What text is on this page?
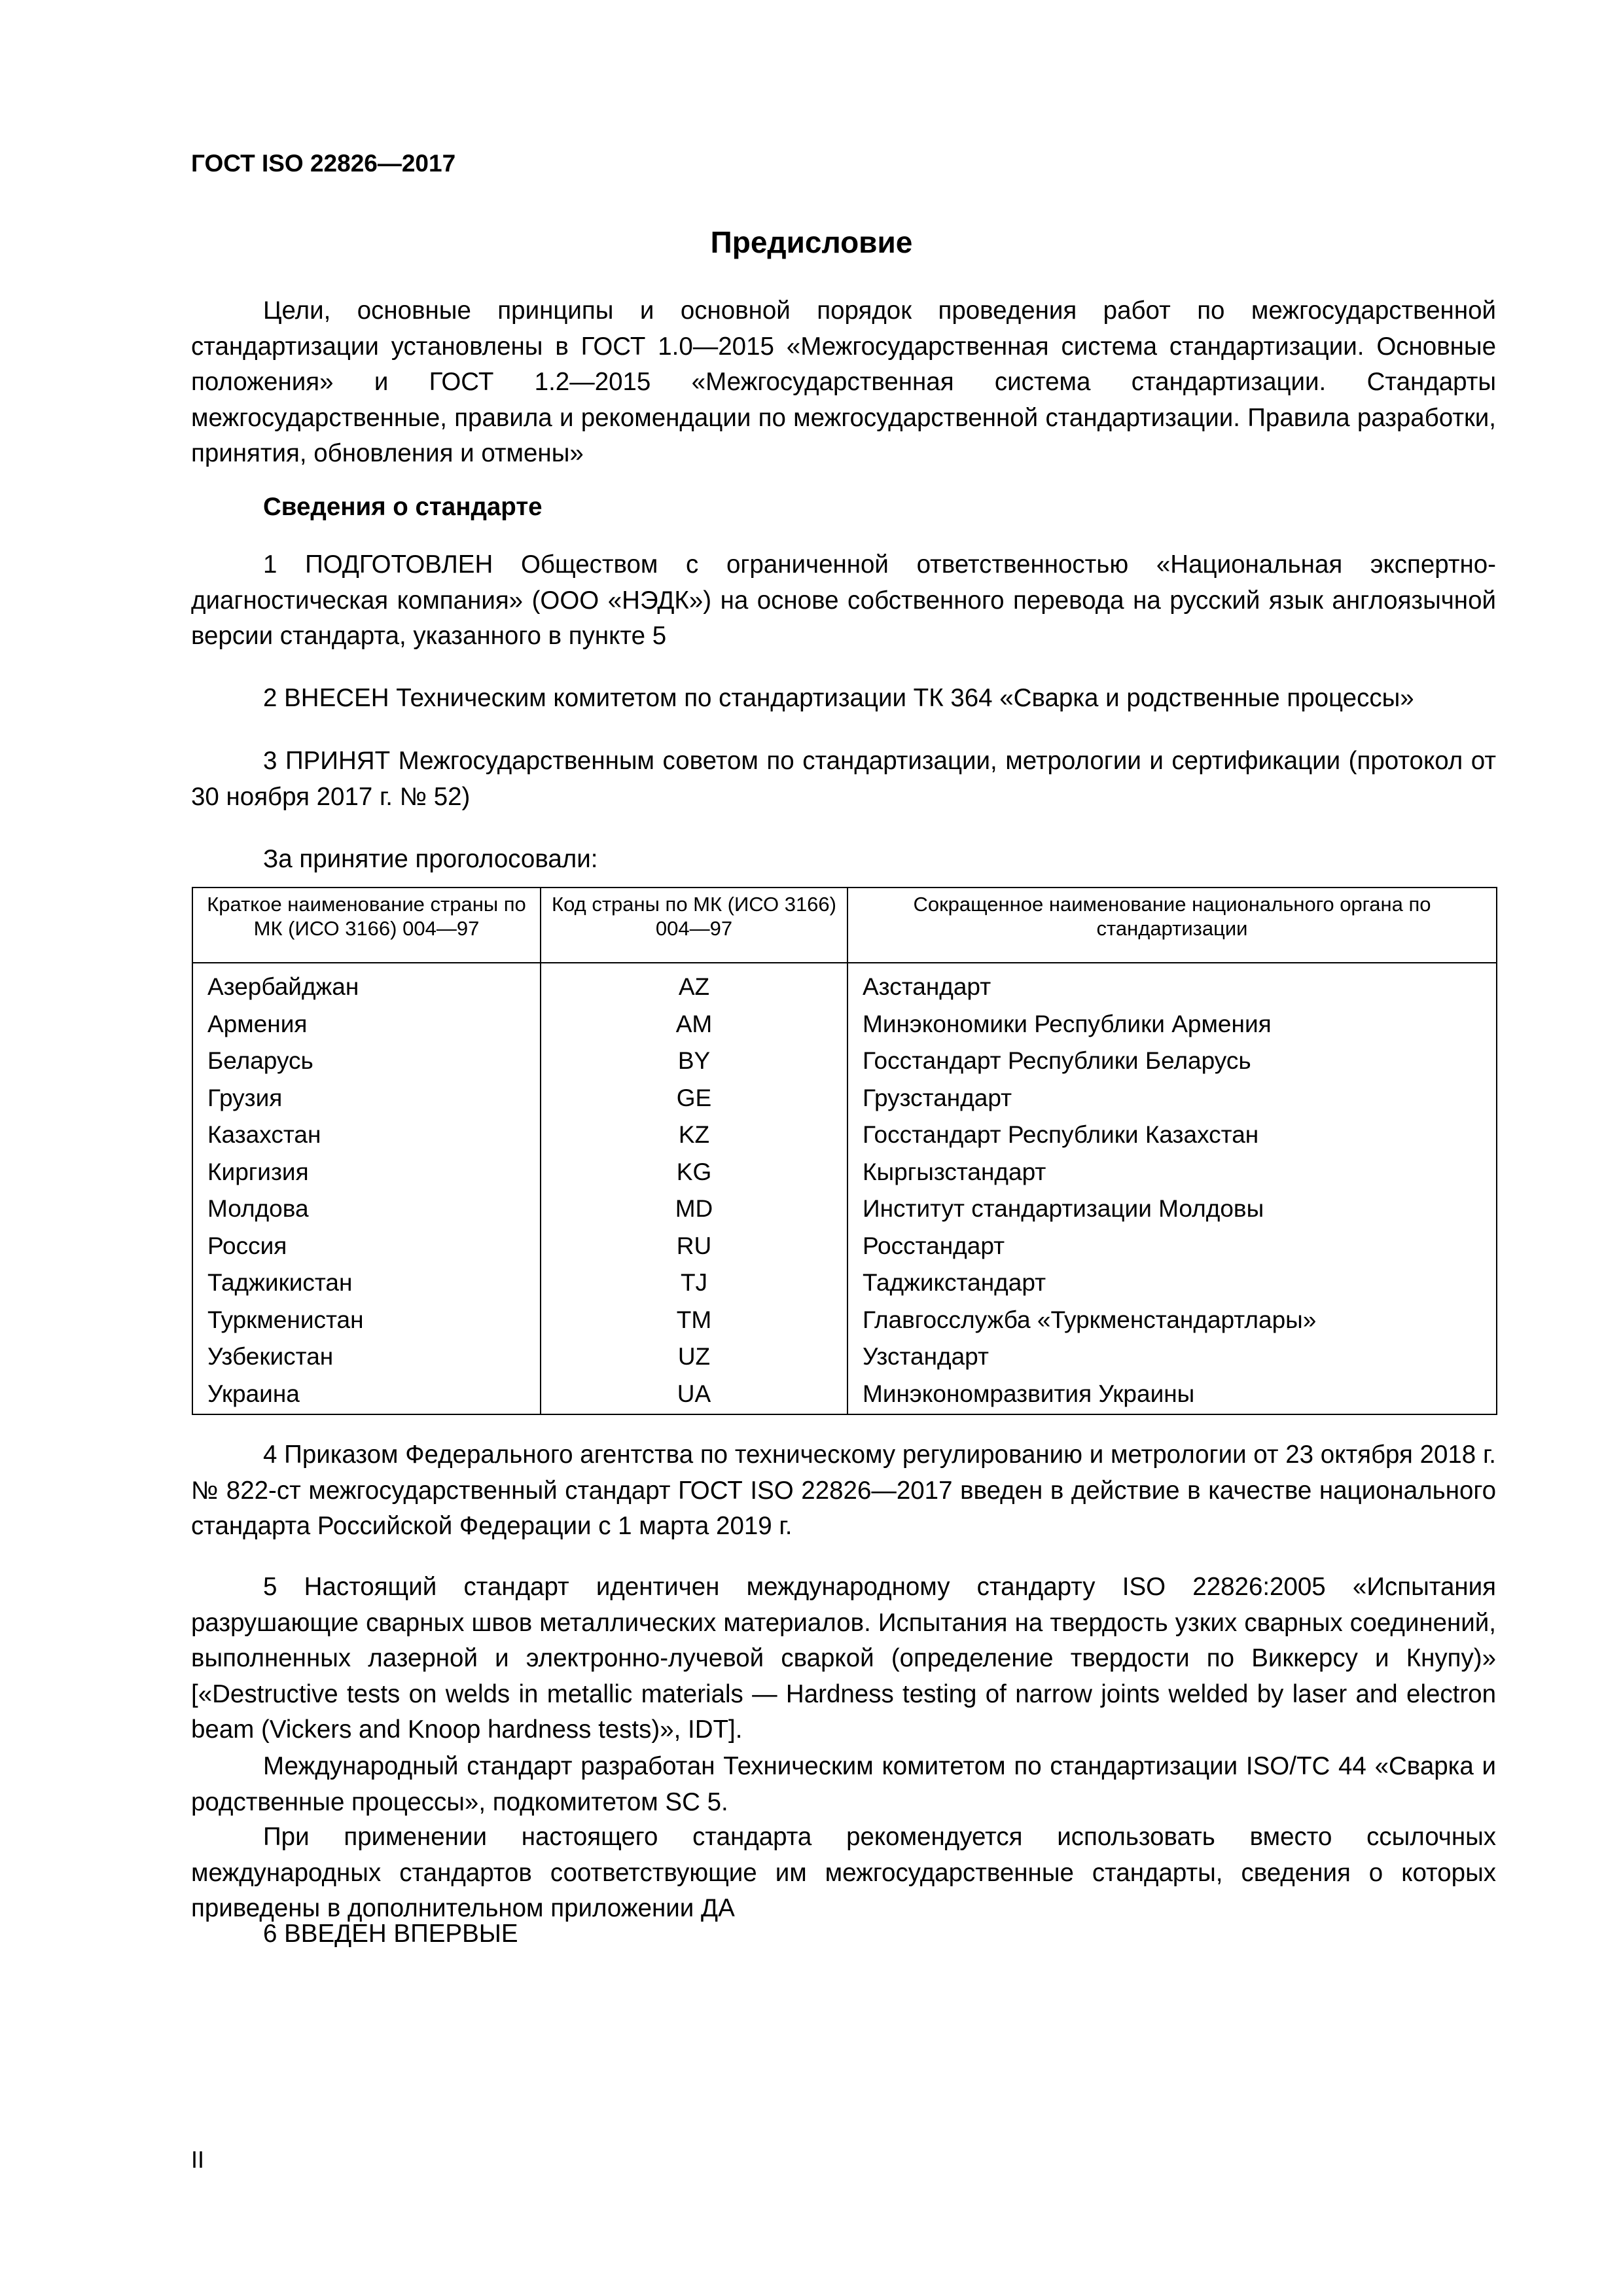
ГОСТ ISO 22826—2017
Предисловие
Цели, основные принципы и основной порядок проведения работ по межгосударственной стандартизации установлены в ГОСТ 1.0—2015 «Межгосударственная система стандартизации. Основные положения» и ГОСТ 1.2—2015 «Межгосударственная система стандартизации. Стандарты межгосударственные, правила и рекомендации по межгосударственной стандартизации. Правила разработки, принятия, обновления и отмены»
Сведения о стандарте
1 ПОДГОТОВЛЕН Обществом с ограниченной ответственностью «Национальная экспертно-диагностическая компания» (ООО «НЭДК») на основе собственного перевода на русский язык англоязычной версии стандарта, указанного в пункте 5
2 ВНЕСЕН Техническим комитетом по стандартизации ТК 364 «Сварка и родственные процессы»
3 ПРИНЯТ Межгосударственным советом по стандартизации, метрологии и сертификации (протокол от 30 ноября 2017 г. № 52)
За принятие проголосовали:
Краткое наименование страны по МК (ИСО 3166) 004—97	Код страны по МК (ИСО 3166) 004—97	Сокращенное наименование национального органа по стандартизации
Азербайджан	AZ	Азстандарт
Армения	AM	Минэкономики Республики Армения
Беларусь	BY	Госстандарт Республики Беларусь
Грузия	GE	Грузстандарт
Казахстан	KZ	Госстандарт Республики Казахстан
Киргизия	KG	Кыргызстандарт
Молдова	MD	Институт стандартизации Молдовы
Россия	RU	Росстандарт
Таджикистан	TJ	Таджикстандарт
Туркменистан	TM	Главгосслужба «Туркменстандартлары»
Узбекистан	UZ	Узстандарт
Украина	UA	Минэкономразвития Украины
4 Приказом Федерального агентства по техническому регулированию и метрологии от 23 октября 2018 г. № 822-ст межгосударственный стандарт ГОСТ ISO 22826—2017 введен в действие в качестве национального стандарта Российской Федерации с 1 марта 2019 г.
5 Настоящий стандарт идентичен международному стандарту ISO 22826:2005 «Испытания разрушающие сварных швов металлических материалов. Испытания на твердость узких сварных соединений, выполненных лазерной и электронно-лучевой сваркой (определение твердости по Виккерсу и Кнупу)» [«Destructive tests on welds in metallic materials — Hardness testing of narrow joints welded by laser and electron beam (Vickers and Knoop hardness tests)», IDT].
Международный стандарт разработан Техническим комитетом по стандартизации ISO/TC 44 «Сварка и родственные процессы», подкомитетом SC 5.
При применении настоящего стандарта рекомендуется использовать вместо ссылочных международных стандартов соответствующие им межгосударственные стандарты, сведения о которых приведены в дополнительном приложении ДА
6 ВВЕДЕН ВПЕРВЫЕ
II
